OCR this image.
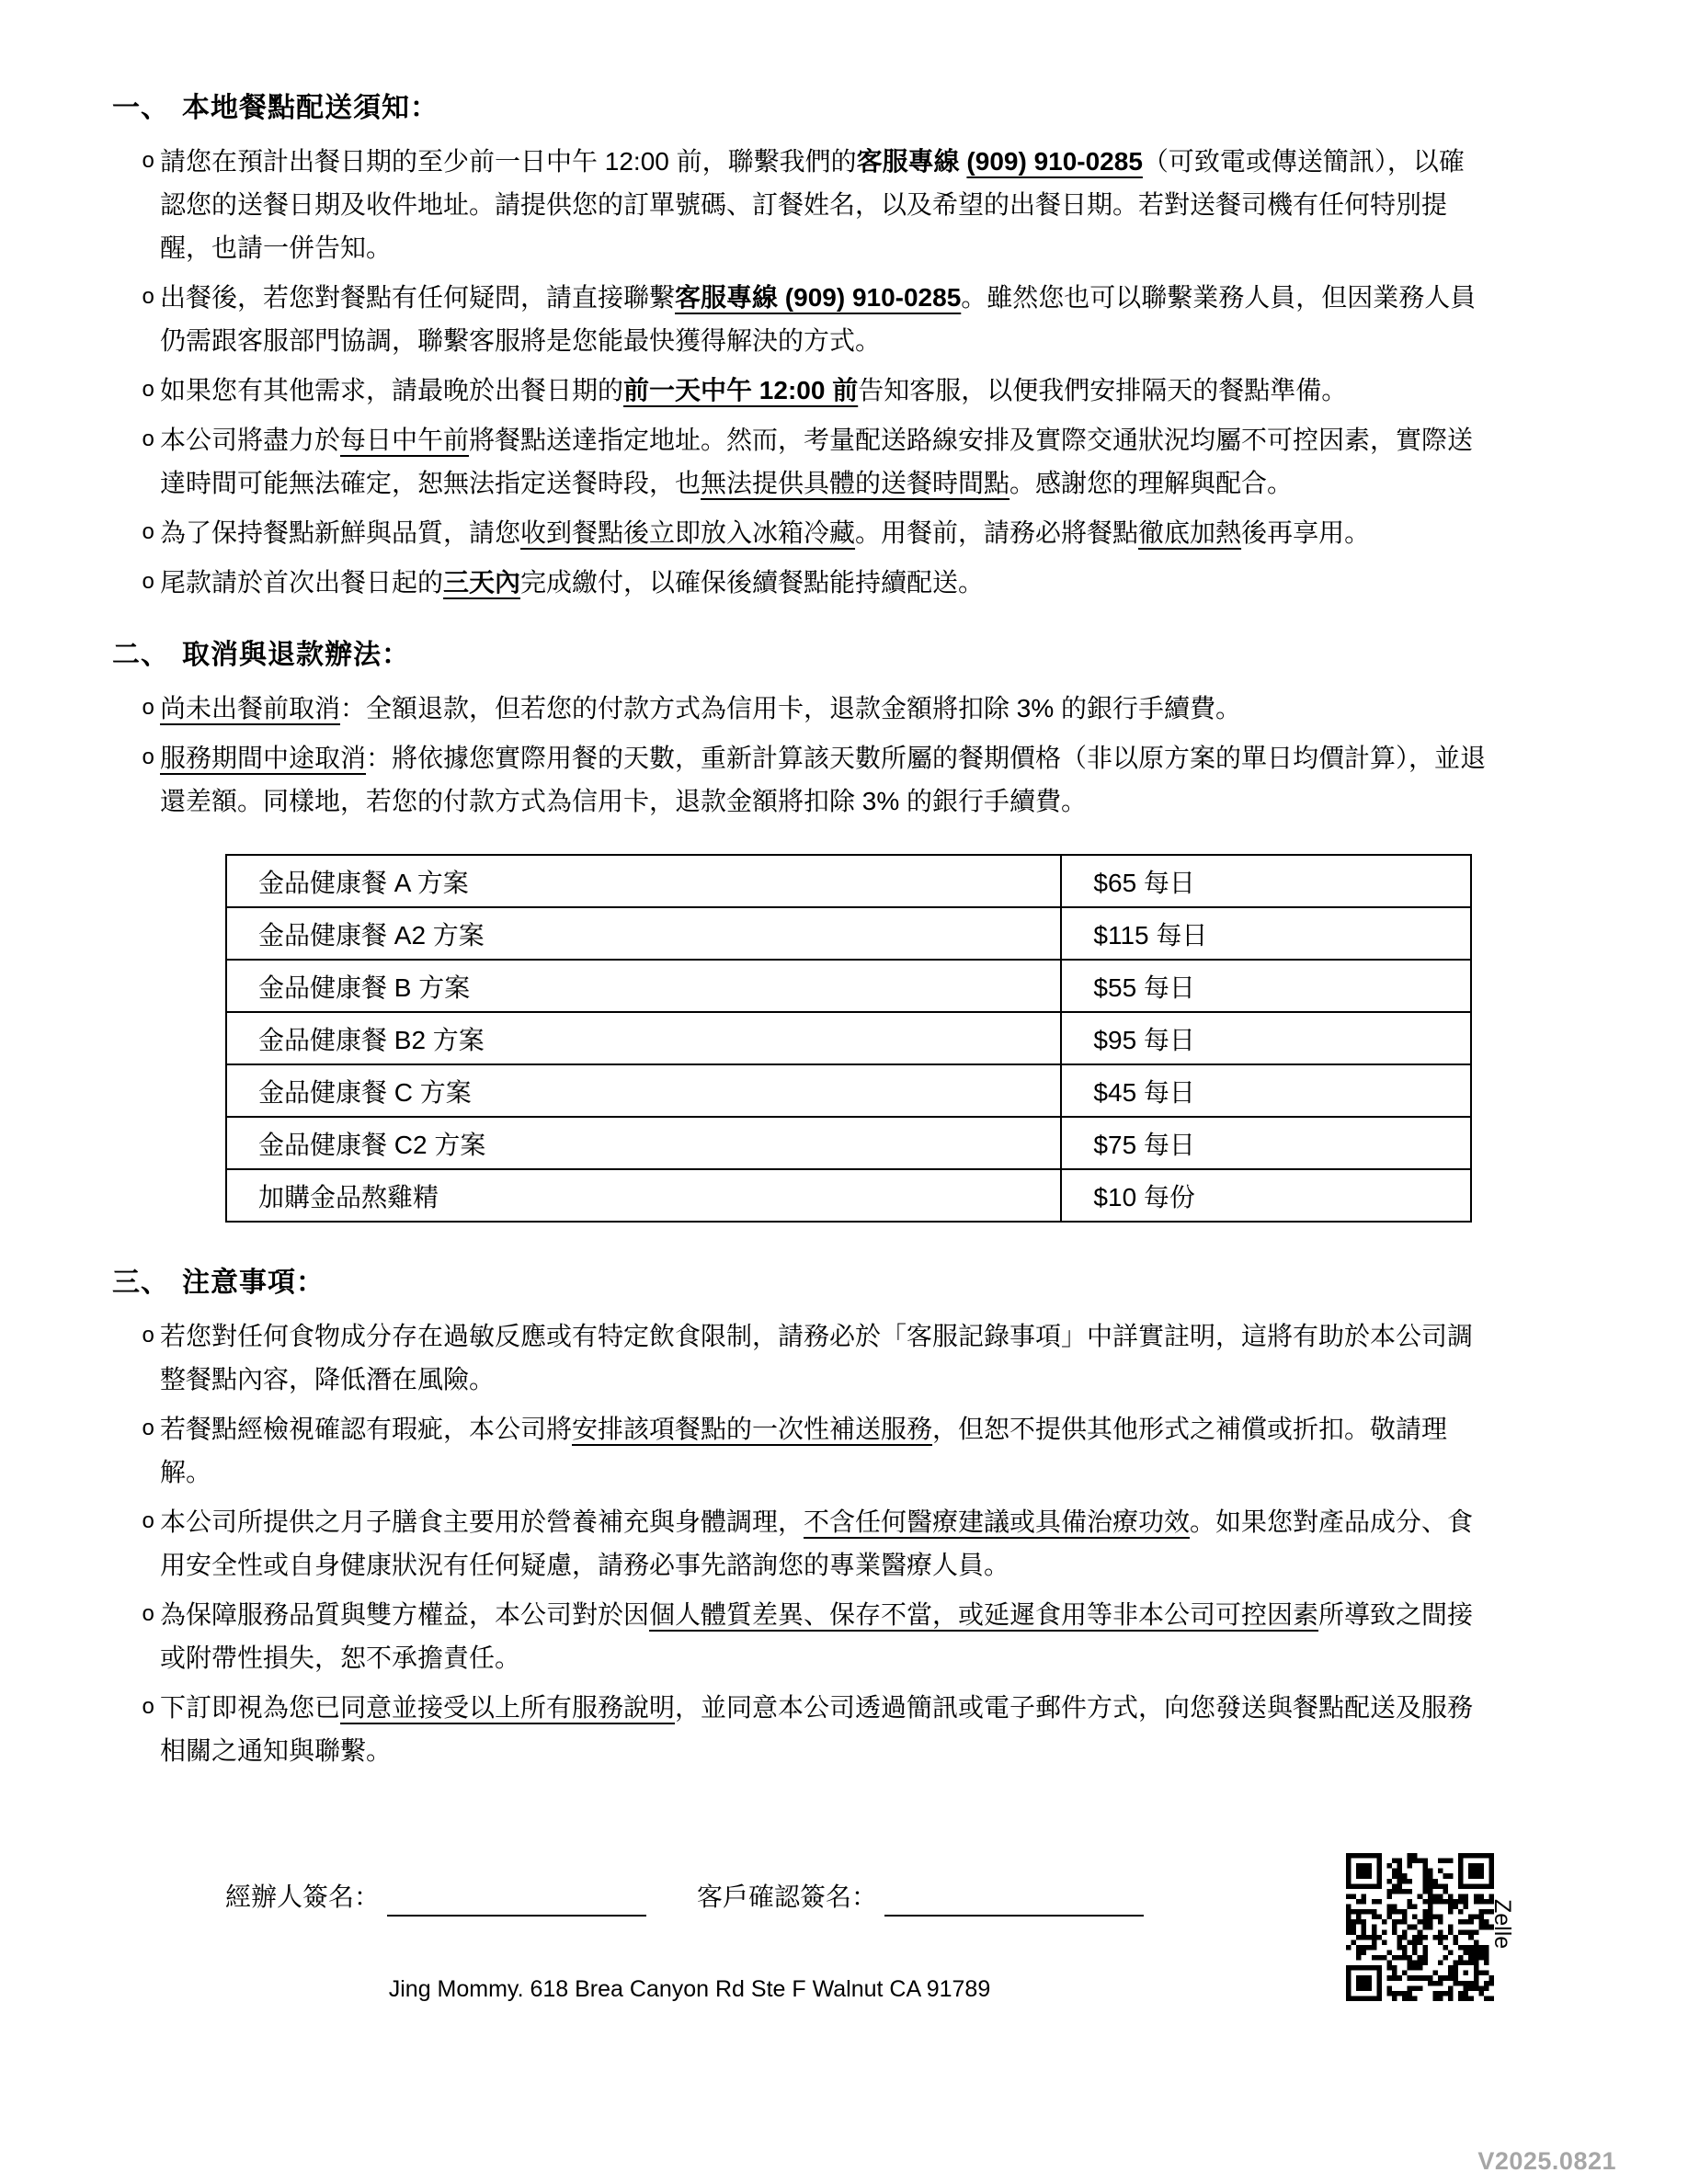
一、 本地餐點配送須知：
o 請您在預計出餐日期的至少前一日中午 12:00 前，聯繫我們的客服專線 (909) 910-0285（可致電或傳送簡訊），以確認您的送餐日期及收件地址。請提供您的訂單號碼、訂餐姓名，以及希望的出餐日期。若對送餐司機有任何特別提醒，也請一併告知。
o 出餐後，若您對餐點有任何疑問，請直接聯繫客服專線 (909) 910-0285。雖然您也可以聯繫業務人員，但因業務人員仍需跟客服部門協調，聯繫客服將是您能最快獲得解決的方式。
o 如果您有其他需求，請最晚於出餐日期的前一天中午 12:00 前告知客服，以便我們安排隔天的餐點準備。
o 本公司將盡力於每日中午前將餐點送達指定地址。然而，考量配送路線安排及實際交通狀況均屬不可控因素，實際送達時間可能無法確定，恕無法指定送餐時段，也無法提供具體的送餐時間點。感謝您的理解與配合。
o 為了保持餐點新鮮與品質，請您收到餐點後立即放入冰箱冷藏。用餐前，請務必將餐點徹底加熱後再享用。
o 尾款請於首次出餐日起的三天內完成繳付，以確保後續餐點能持續配送。
二、 取消與退款辦法：
o 尚未出餐前取消：全額退款，但若您的付款方式為信用卡，退款金額將扣除 3% 的銀行手續費。
o 服務期間中途取消：將依據您實際用餐的天數，重新計算該天數所屬的餐期價格（非以原方案的單日均價計算），並退還差額。同樣地，若您的付款方式為信用卡，退款金額將扣除 3% 的銀行手續費。
金品健康餐 A 方案	$65 每日
金品健康餐 A2 方案	$115 每日
金品健康餐 B 方案	$55 每日
金品健康餐 B2 方案	$95 每日
金品健康餐 C 方案	$45 每日
金品健康餐 C2 方案	$75 每日
加購金品熬雞精	$10 每份
三、 注意事項：
o 若您對任何食物成分存在過敏反應或有特定飲食限制，請務必於「客服記錄事項」中詳實註明，這將有助於本公司調整餐點內容，降低潛在風險。
o 若餐點經檢視確認有瑕疵，本公司將安排該項餐點的一次性補送服務，但恕不提供其他形式之補償或折扣。敬請理解。
o 本公司所提供之月子膳食主要用於營養補充與身體調理，不含任何醫療建議或具備治療功效。如果您對產品成分、食用安全性或自身健康狀況有任何疑慮，請務必事先諮詢您的專業醫療人員。
o 為保障服務品質與雙方權益，本公司對於因個人體質差異、保存不當，或延遲食用等非本公司可控因素所導致之間接或附帶性損失，恕不承擔責任。
o 下訂即視為您已同意並接受以上所有服務說明，並同意本公司透過簡訊或電子郵件方式，向您發送與餐點配送及服務相關之通知與聯繫。
經辦人簽名：	客戶確認簽名：
Jing Mommy. 618 Brea Canyon Rd Ste F Walnut CA 91789
Zelle
V2025.0821
